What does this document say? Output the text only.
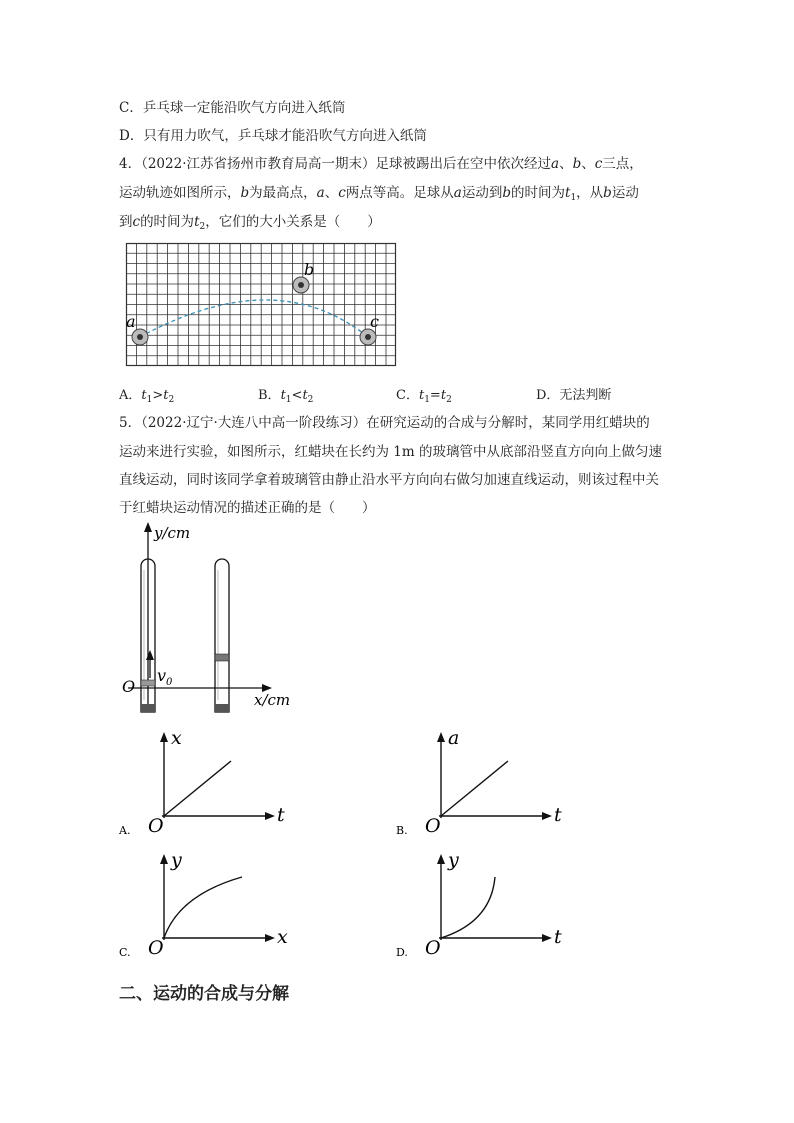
C．乒乓球一定能沿吹气方向进入纸筒
D．只有用力吹气，乒乓球才能沿吹气方向进入纸筒
4．（2022·江苏省扬州市教育局高一期末）足球被踢出后在空中依次经过a、b、c三点，
运动轨迹如图所示，b为最高点，a、c两点等高。足球从a运动到b的时间为$t_1$，从b运动
到c的时间为$t_2$，它们的大小关系是（　　）
a
b
c
A．$t_1>t_2$	B．$t_1<t_2$	C．$t_1=t_2$	D．无法判断
5．（2022·辽宁·大连八中高一阶段练习）在研究运动的合成与分解时，某同学用红蜡块的
运动来进行实验，如图所示，红蜡块在长约为 1m 的玻璃管中从底部沿竖直方向向上做匀速
直线运动，同时该同学拿着玻璃管由静止沿水平方向向右做匀加速直线运动，则该过程中关
于红蜡块运动情况的描述正确的是（　　）
y/cm
x/cm
O
$v_0$
x
t
O
A.
a
t
O
B.
y
x
O
C.
y
t
O
D.
二、运动的合成与分解
